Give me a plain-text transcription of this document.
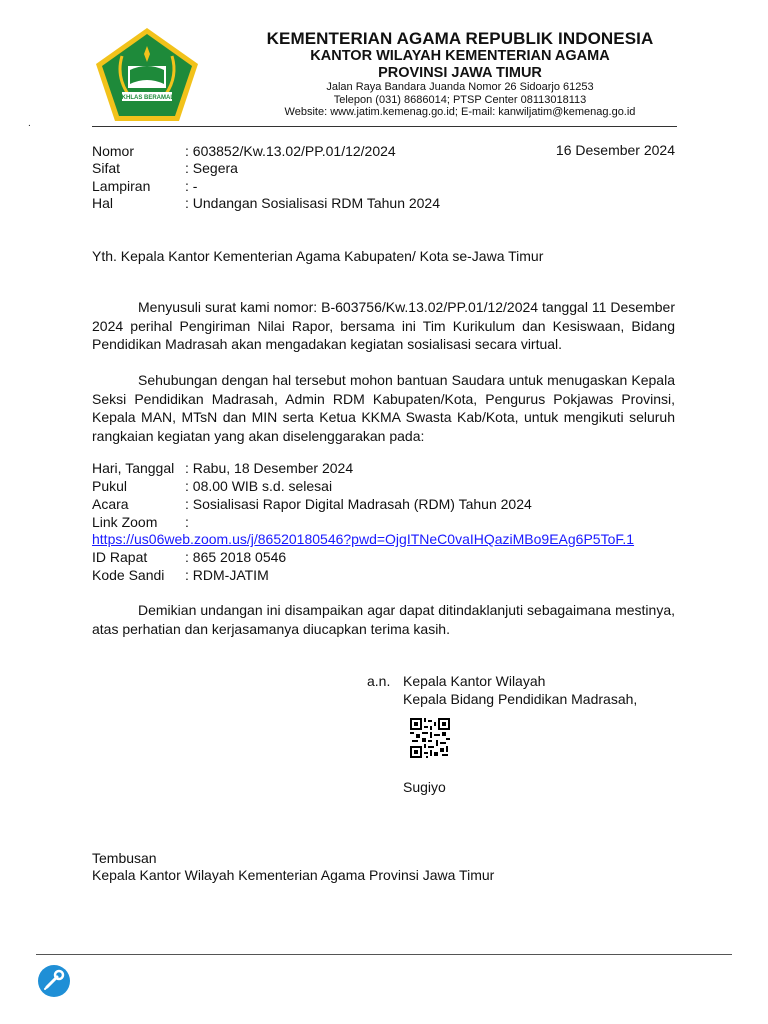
IKHLAS BERAMAL
KEMENTERIAN AGAMA REPUBLIK INDONESIA
KANTOR WILAYAH KEMENTERIAN AGAMA
PROVINSI JAWA TIMUR
Jalan Raya Bandara Juanda Nomor 26 Sidoarjo 61253
Telepon (031) 8686014; PTSP Center 08113018113
Website: www.jatim.kemenag.go.id; E-mail: kanwiljatim@kemenag.go.id
.
Nomor	: 603852/Kw.13.02/PP.01/12/2024	16 Desember 2024
Sifat	: Segera
Lampiran : -
Hal	: Undangan Sosialisasi RDM Tahun 2024
Yth. Kepala Kantor Kementerian Agama Kabupaten/ Kota se-Jawa Timur
Menyusuli surat kami nomor: B-603756/Kw.13.02/PP.01/12/2024 tanggal 11 Desember 2024 perihal Pengiriman Nilai Rapor, bersama ini Tim Kurikulum dan Kesiswaan, Bidang Pendidikan Madrasah akan mengadakan kegiatan sosialisasi secara virtual.
Sehubungan dengan hal tersebut mohon bantuan Saudara untuk menugaskan Kepala Seksi Pendidikan Madrasah, Admin RDM Kabupaten/Kota, Pengurus Pokjawas Provinsi, Kepala MAN, MTsN dan MIN serta Ketua KKMA Swasta Kab/Kota, untuk mengikuti seluruh rangkaian kegiatan yang akan diselenggarakan pada:
Hari, Tanggal : Rabu, 18 Desember 2024
Pukul	: 08.00 WIB s.d. selesai
Acara	: Sosialisasi Rapor Digital Madrasah (RDM) Tahun 2024
Link Zoom :
https://us06web.zoom.us/j/86520180546?pwd=OjgITNeC0vaIHQaziMBo9EAg6P5ToF.1
ID Rapat	: 865 2018 0546
Kode Sandi : RDM-JATIM
Demikian undangan ini disampaikan agar dapat ditindaklanjuti sebagaimana mestinya, atas perhatian dan kerjasamanya diucapkan terima kasih.
a.n. Kepala Kantor Wilayah
Kepala Bidang Pendidikan Madrasah,
Sugiyo
Tembusan
Kepala Kantor Wilayah Kementerian Agama Provinsi Jawa Timur
